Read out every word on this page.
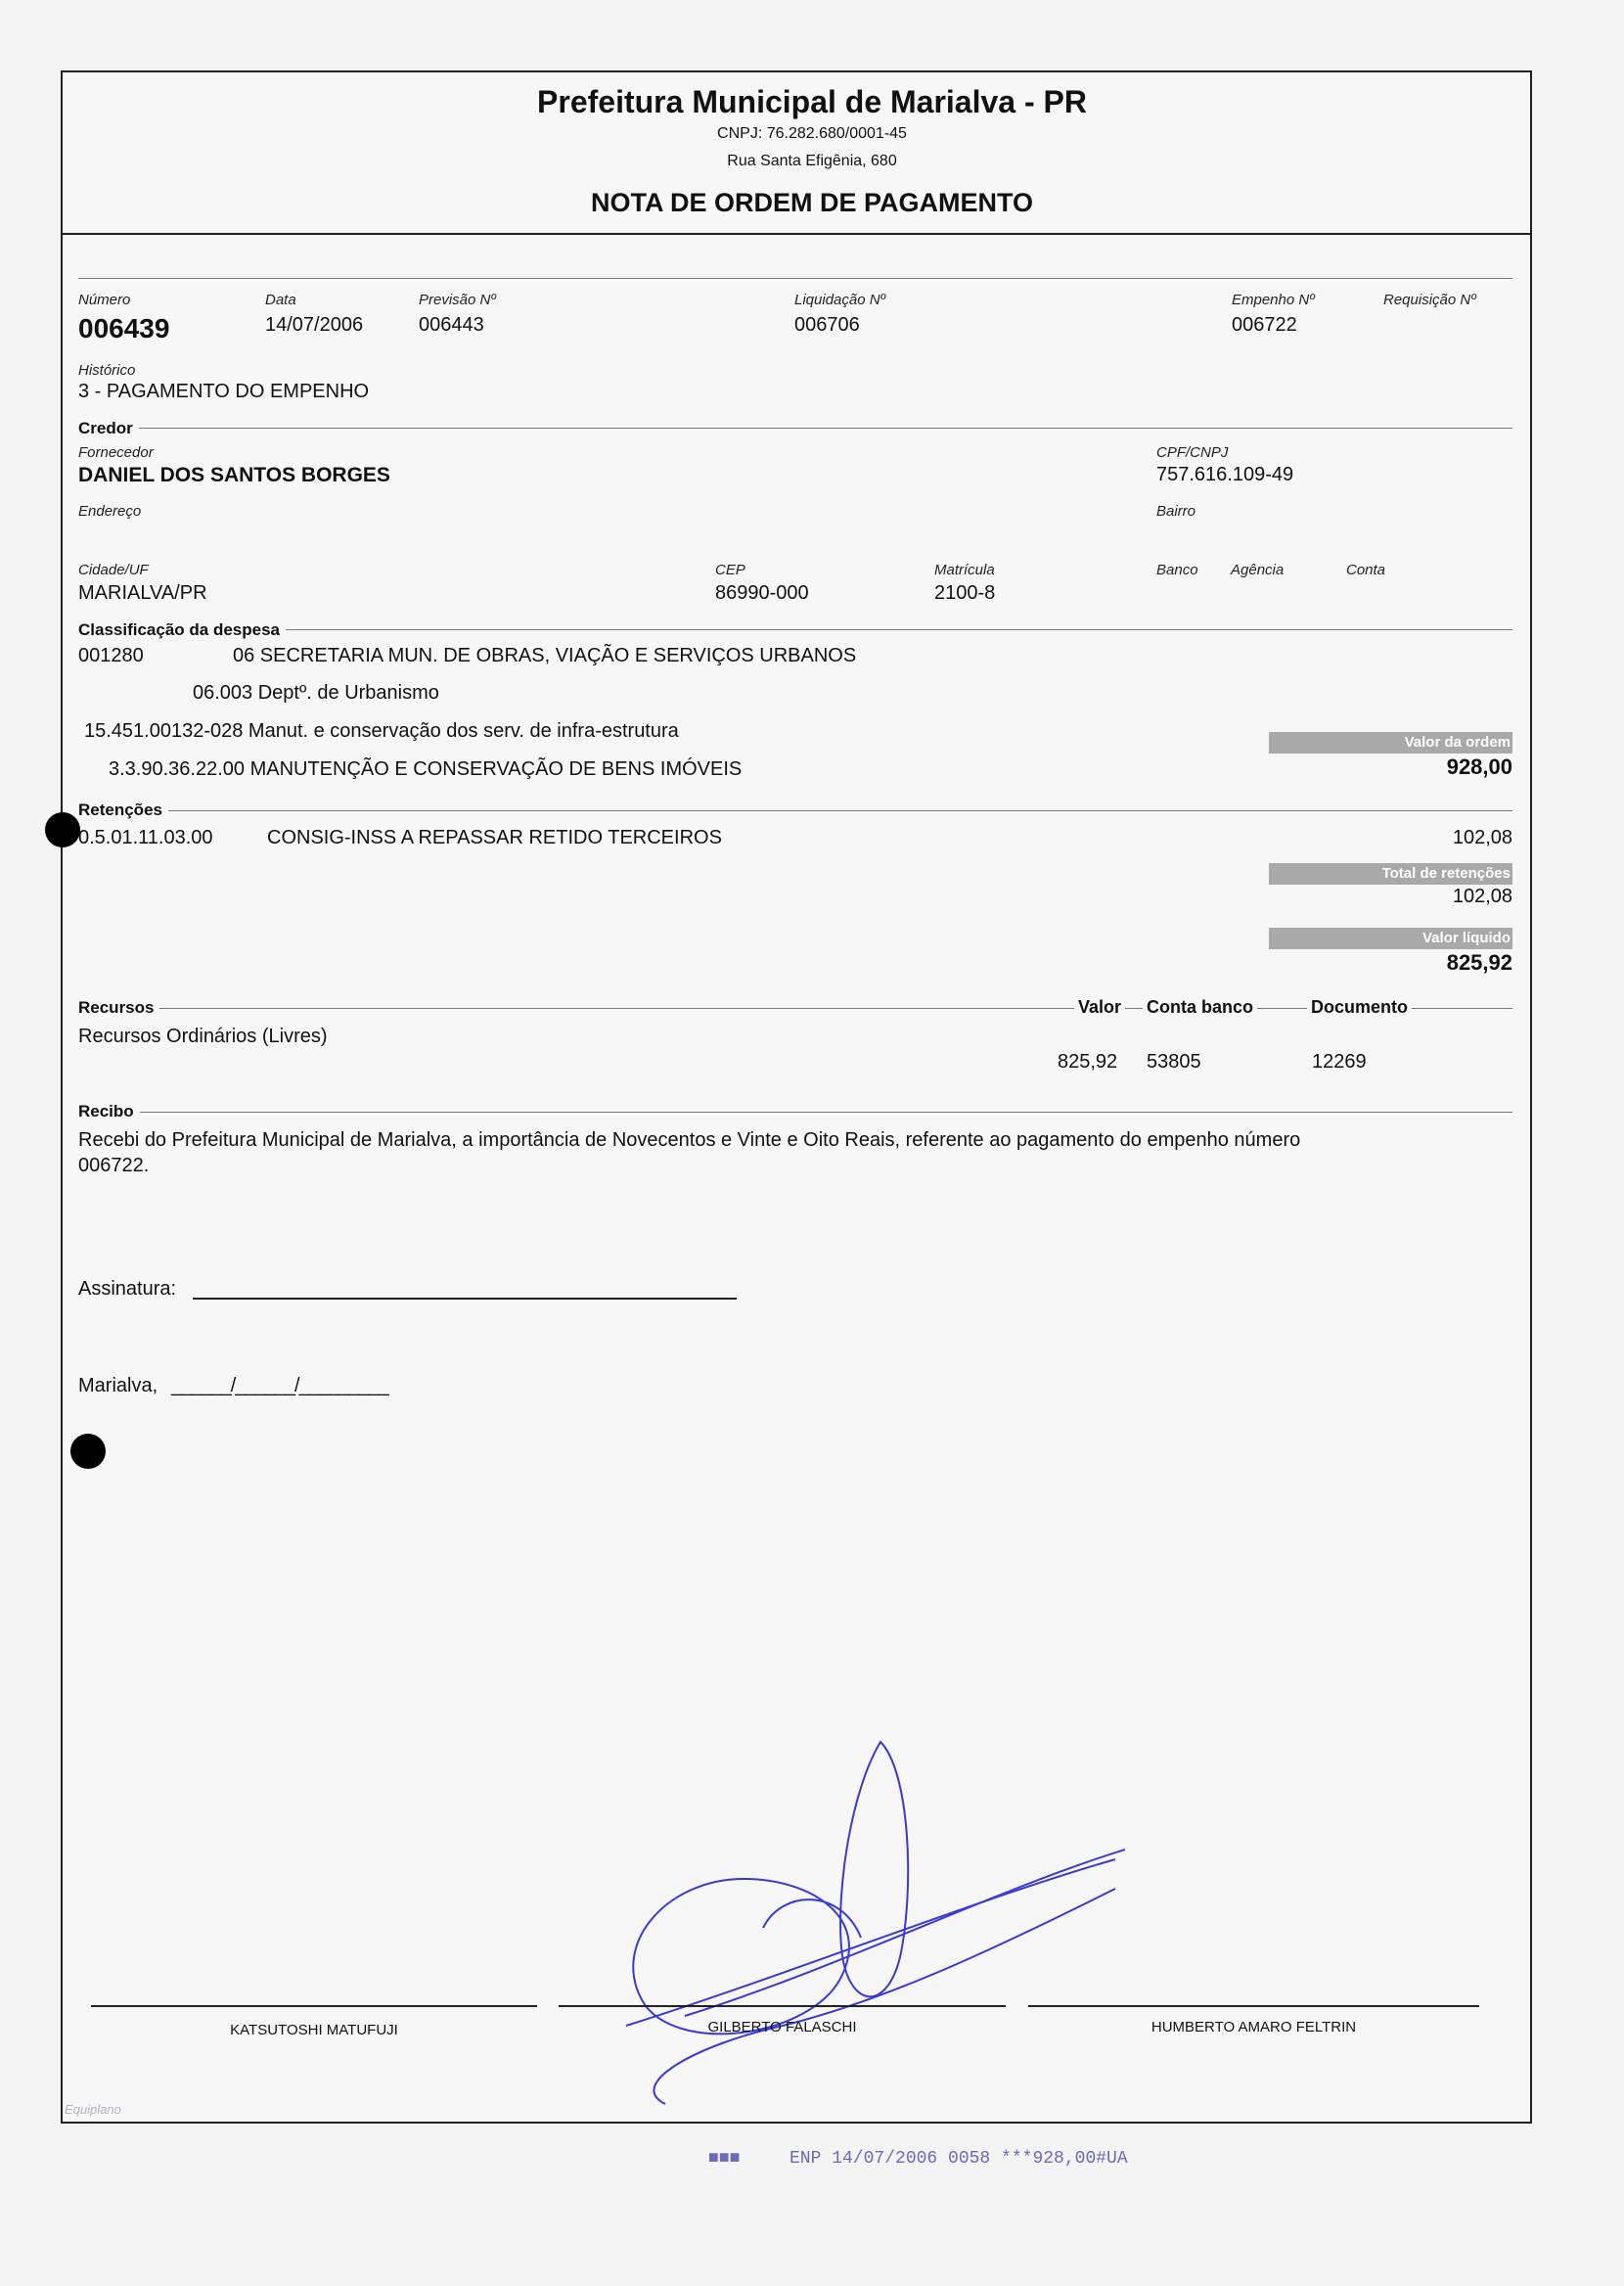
Prefeitura Municipal de Marialva - PR
CNPJ: 76.282.680/0001-45
Rua Santa Efigênia, 680
NOTA DE ORDEM DE PAGAMENTO
Número
006439
Data
14/07/2006
Previsão Nº
006443
Liquidação Nº
006706
Empenho Nº
006722
Requisição Nº
Histórico
3 - PAGAMENTO DO EMPENHO
Credor
Fornecedor
DANIEL DOS SANTOS BORGES
CPF/CNPJ
757.616.109-49
Endereço	Bairro
Cidade/UF
MARIALVA/PR
CEP
86990-000
Matrícula
2100-8
Banco Agência	Conta
Classificação da despesa
001280	06 SECRETARIA MUN. DE OBRAS, VIAÇÃO E SERVIÇOS URBANOS
06.003 Deptº. de Urbanismo
15.451.00132-028 Manut. e conservação dos serv. de infra-estrutura
3.3.90.36.22.00 MANUTENÇÃO E CONSERVAÇÃO DE BENS IMÓVEIS
Valor da ordem
928,00
Retenções
0.5.01.11.03.00	CONSIG-INSS A REPASSAR RETIDO TERCEIROS	102,08
Total de retenções
102,08
Valor líquido
825,92
Recursos	Valor Conta banco	Documento
Recursos Ordinários (Livres)
825,92 53805	12269
Recibo
Recebi do Prefeitura Municipal de Marialva, a importância de Novecentos e Vinte e Oito Reais, referente ao pagamento do empenho número
006722.
Assinatura:
Marialva, ______/______/_________
KATSUTOSHI MATUFUJI	GILBERTO FALASCHI	HUMBERTO AMARO FELTRIN
Equiplano
■■■	ENP 14/07/2006 0058 ***928,00#UA
